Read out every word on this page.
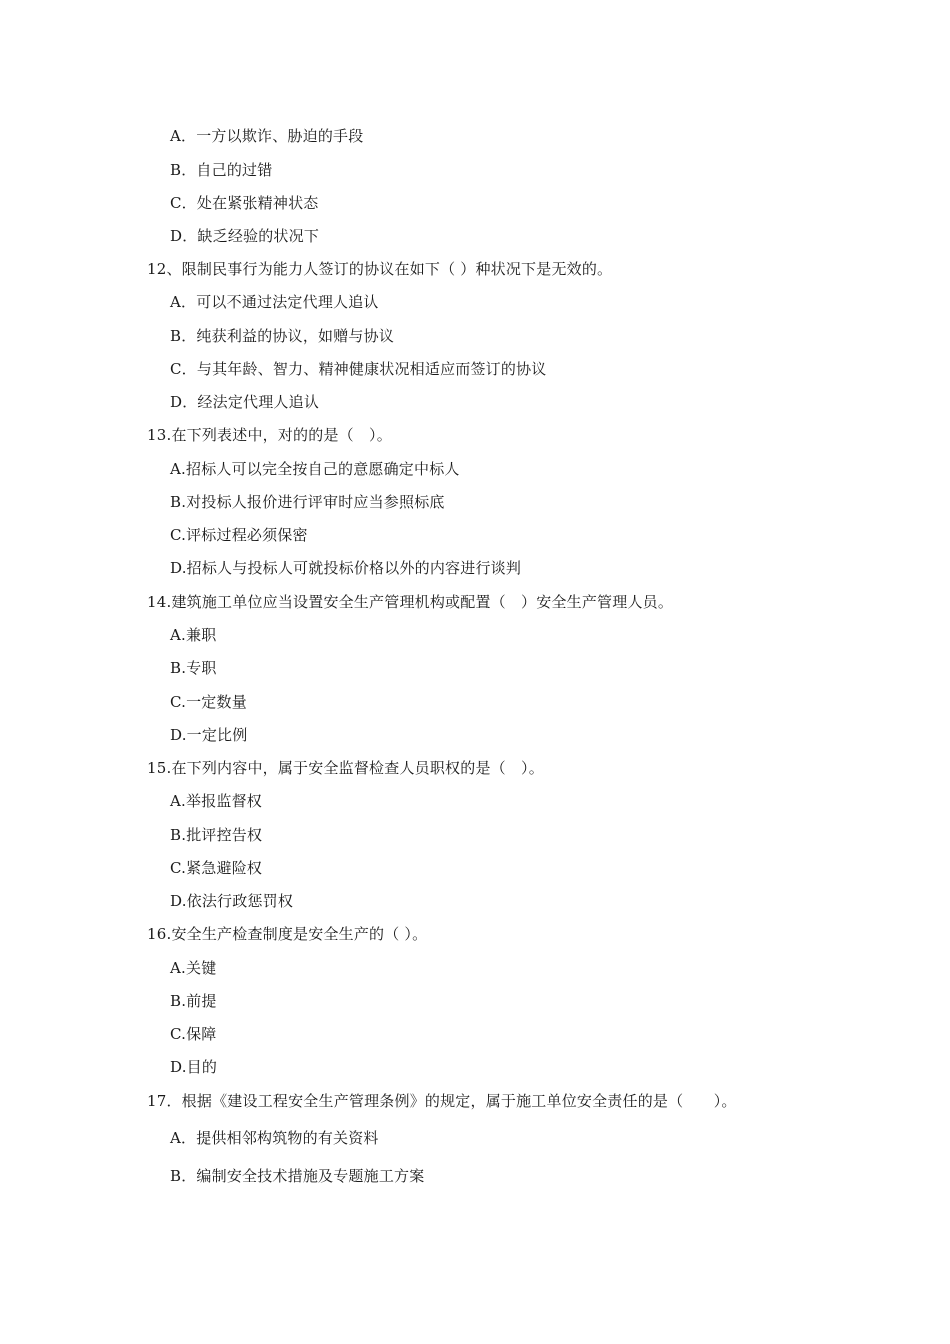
A．一方以欺诈、胁迫的手段
B．自己的过错
C．处在紧张精神状态
D．缺乏经验的状况下
12、限制民事行为能力人签订的协议在如下（ ）种状况下是无效的。
A．可以不通过法定代理人追认
B．纯获利益的协议，如赠与协议
C．与其年龄、智力、精神健康状况相适应而签订的协议
D．经法定代理人追认
13.在下列表述中，对的的是（　）。
A.招标人可以完全按自己的意愿确定中标人
B.对投标人报价进行评审时应当参照标底
C.评标过程必须保密
D.招标人与投标人可就投标价格以外的内容进行谈判
14.建筑施工单位应当设置安全生产管理机构或配置（　）安全生产管理人员。
A.兼职
B.专职
C.一定数量
D.一定比例
15.在下列内容中，属于安全监督检查人员职权的是（　）。
A.举报监督权
B.批评控告权
C.紧急避险权
D.依法行政惩罚权
16.安全生产检查制度是安全生产的（ ）。
A.关键
B.前提
C.保障
D.目的
17．根据《建设工程安全生产管理条例》的规定，属于施工单位安全责任的是（　　）。
A．提供相邻构筑物的有关资料
B．编制安全技术措施及专题施工方案
